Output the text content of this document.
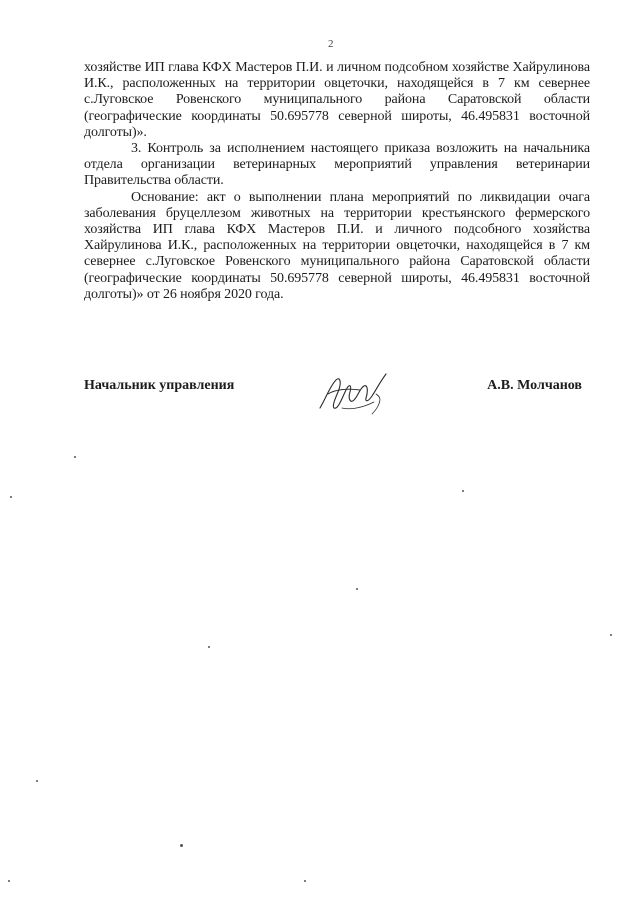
2

хозяйстве ИП глава КФХ Мастеров П.И. и личном подсобном хозяйстве Хайрулинова И.К., расположенных на территории овцеточки, находящейся в 7 км севернее с.Луговское Ровенского муниципального района Саратовской области (географические координаты 50.695778 северной широты, 46.495831 восточной долготы)».

3. Контроль за исполнением настоящего приказа возложить на начальника отдела организации ветеринарных мероприятий управления ветеринарии Правительства области.

Основание: акт о выполнении плана мероприятий по ликвидации очага заболевания бруцеллезом животных на территории крестьянского фермерского хозяйства ИП глава КФХ Мастеров П.И. и личного подсобного хозяйства Хайрулинова И.К., расположенных на территории овцеточки, находящейся в 7 км севернее с.Луговское Ровенского муниципального района Саратовской области (географические координаты 50.695778 северной широты, 46.495831 восточной долготы)» от 26 ноября 2020 года.

Начальник управления	А.В. Молчанов
